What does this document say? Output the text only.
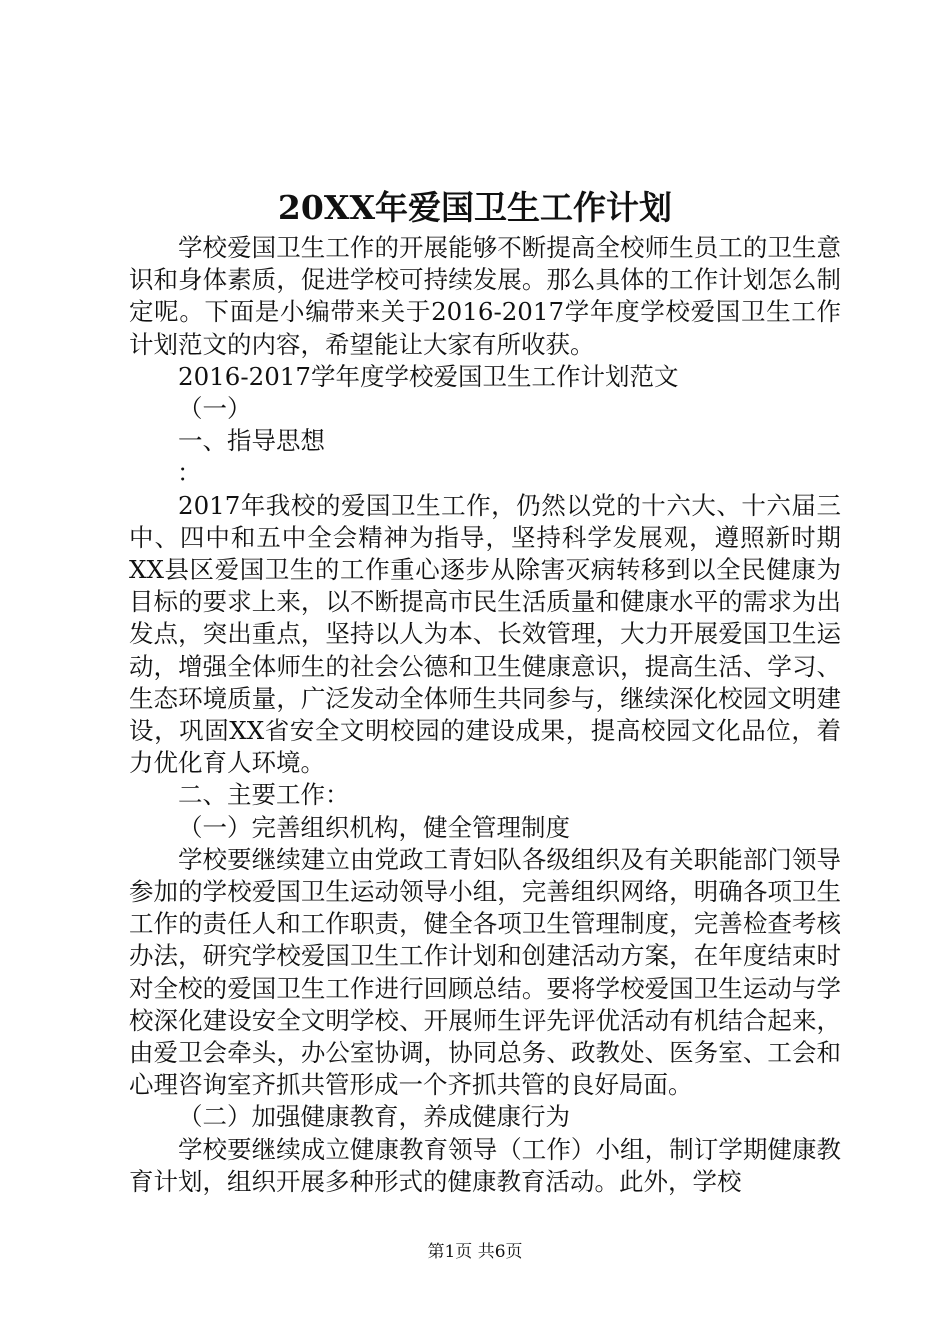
20XX年爱国卫生工作计划

学校爱国卫生工作的开展能够不断提高全校师生员工的卫生意识和身体素质，促进学校可持续发展。那么具体的工作计划怎么制定呢。下面是小编带来关于2016-2017学年度学校爱国卫生工作计划范文的内容，希望能让大家有所收获。

2016-2017学年度学校爱国卫生工作计划范文

（一）

一、指导思想

：

2017年我校的爱国卫生工作，仍然以党的十六大、十六届三中、四中和五中全会精神为指导，坚持科学发展观，遵照新时期XX县区爱国卫生的工作重心逐步从除害灭病转移到以全民健康为目标的要求上来，以不断提高市民生活质量和健康水平的需求为出发点，突出重点，坚持以人为本、长效管理，大力开展爱国卫生运动，增强全体师生的社会公德和卫生健康意识，提高生活、学习、生态环境质量，广泛发动全体师生共同参与，继续深化校园文明建设，巩固XX省安全文明校园的建设成果，提高校园文化品位，着力优化育人环境。

二、主要工作：

（一）完善组织机构，健全管理制度

学校要继续建立由党政工青妇队各级组织及有关职能部门领导参加的学校爱国卫生运动领导小组，完善组织网络，明确各项卫生工作的责任人和工作职责，健全各项卫生管理制度，完善检查考核办法，研究学校爱国卫生工作计划和创建活动方案，在年度结束时对全校的爱国卫生工作进行回顾总结。要将学校爱国卫生运动与学校深化建设安全文明学校、开展师生评先评优活动有机结合起来，由爱卫会牵头，办公室协调，协同总务、政教处、医务室、工会和心理咨询室齐抓共管形成一个齐抓共管的良好局面。

（二）加强健康教育，养成健康行为

学校要继续成立健康教育领导（工作）小组，制订学期健康教育计划，组织开展多种形式的健康教育活动。此外，学校

第1页 共6页
